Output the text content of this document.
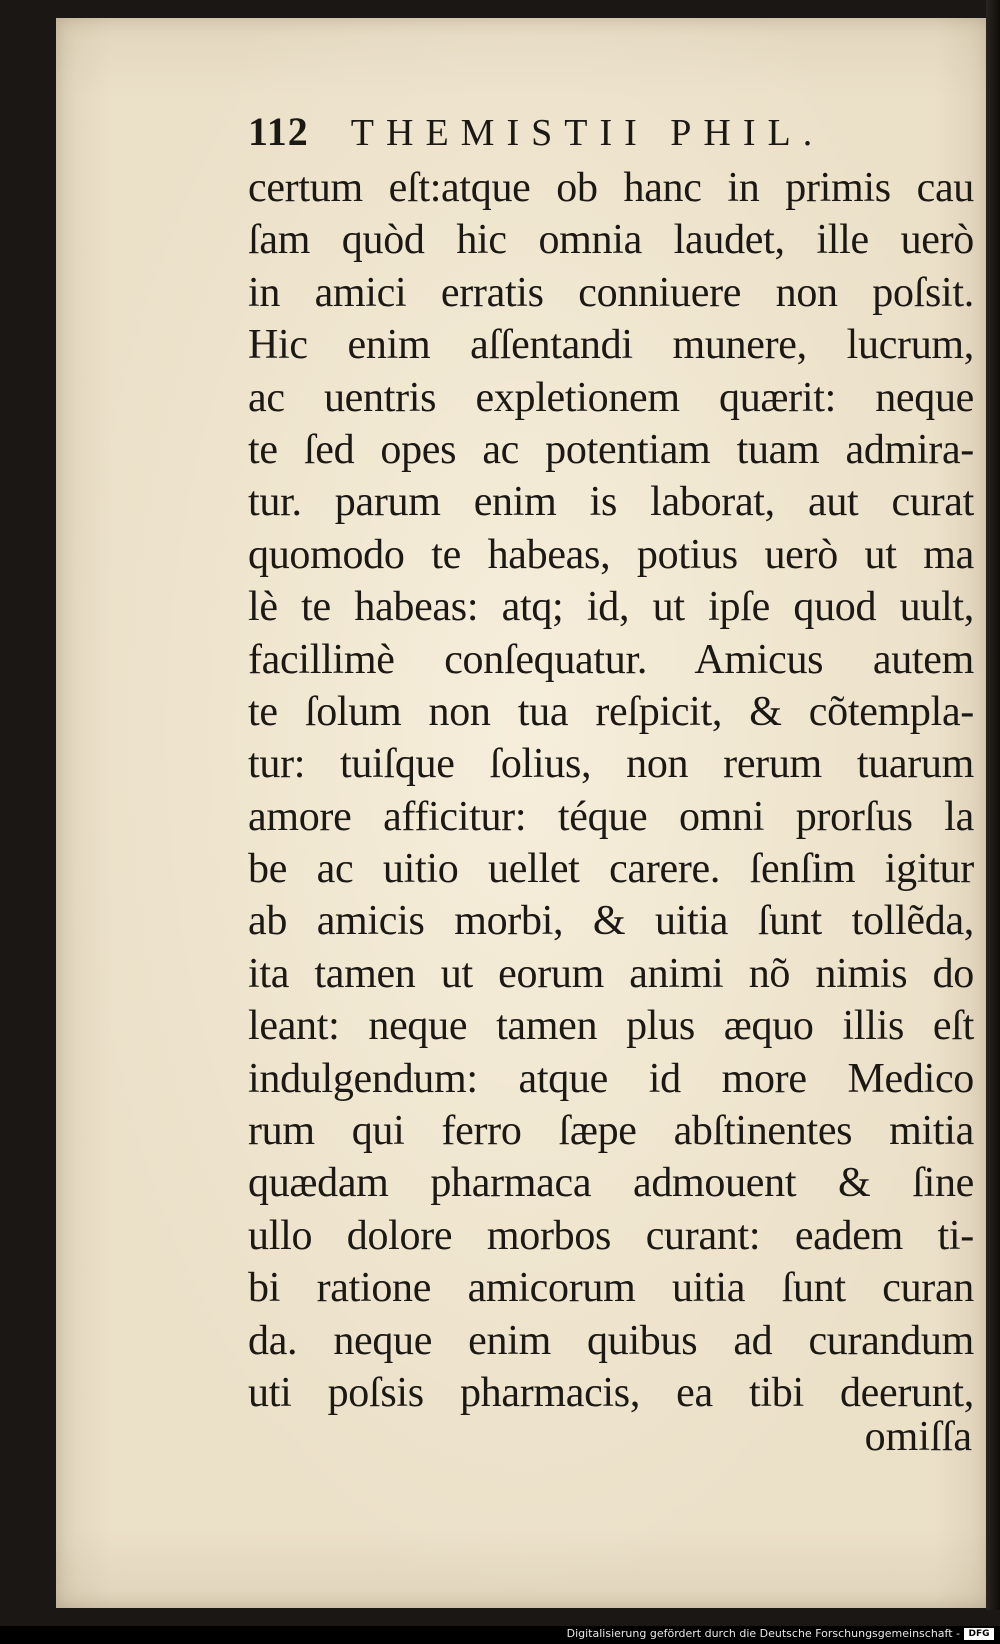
112 THEMISTII PHIL.
certum eſt:atque ob hanc in primis cau
ſam quòd hic omnia laudet, ille uerò
in amici erratis conniuere non poſsit.
Hic enim aſſentandi munere, lucrum,
ac uentris expletionem quærit: neque
te ſed opes ac potentiam tuam admira-
tur. parum enim is laborat, aut curat
quomodo te habeas, potius uerò ut ma
lè te habeas: atq; id, ut ipſe quod uult,
facillimè conſequatur. Amicus autem
te ſolum non tua reſpicit, & cõtempla-
tur: tuiſque ſolius, non rerum tuarum
amore afficitur: téque omni prorſus la
be ac uitio uellet carere. ſenſim igitur
ab amicis morbi, & uitia ſunt tollẽda,
ita tamen ut eorum animi nõ nimis do
leant: neque tamen plus æquo illis eſt
indulgendum: atque id more Medico
rum qui ferro ſæpe abſtinentes mitia
quædam pharmaca admouent & ſine
ullo dolore morbos curant: eadem ti-
bi ratione amicorum uitia ſunt curan
da. neque enim quibus ad curandum
uti poſsis pharmacis, ea tibi deerunt,
omiſſa
Digitalisierung gefördert durch die Deutsche Forschungsgemeinschaft - DFG
